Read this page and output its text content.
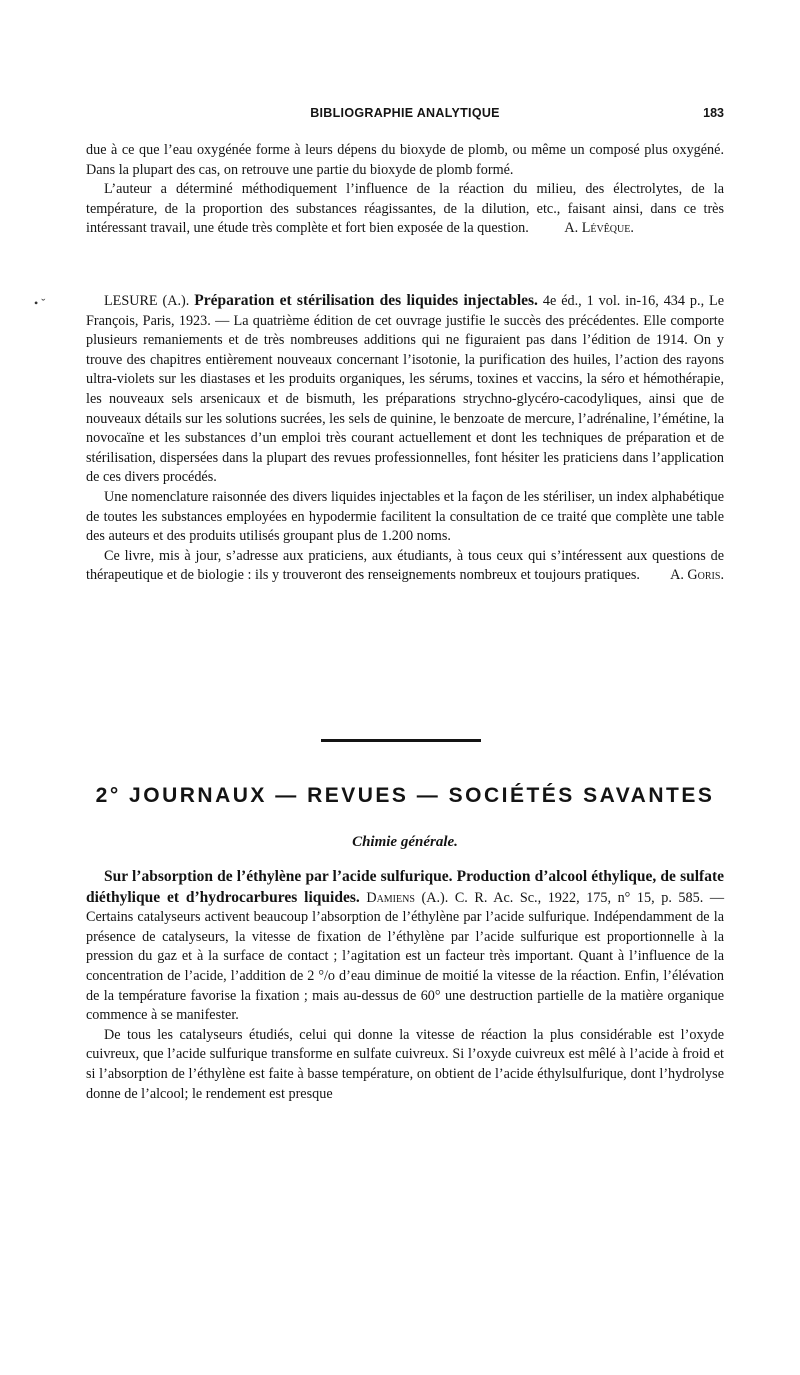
BIBLIOGRAPHIE ANALYTIQUE	183

due à ce que l’eau oxygénée forme à leurs dépens du bioxyde de plomb, ou même un composé plus oxygéné. Dans la plupart des cas, on retrouve une partie du bioxyde de plomb formé.

L’auteur a déterminé méthodiquement l’influence de la réaction du milieu, des électrolytes, de la température, de la proportion des substances réagissantes, de la dilution, etc., faisant ainsi, dans ce très intéressant travail, une étude très complète et fort bien exposée de la question.	A. Lévêque.

• ˇ	LESURE (A.). Préparation et stérilisation des liquides injectables. 4e éd., 1 vol. in-16, 434 p., Le François, Paris, 1923. — La quatrième édition de cet ouvrage justifie le succès des précédentes. Elle comporte plusieurs remaniements et de très nombreuses additions qui ne figuraient pas dans l’édition de 1914. On y trouve des chapitres entièrement nouveaux concernant l’isotonie, la purification des huiles, l’action des rayons ultra-violets sur les diastases et les produits organiques, les sérums, toxines et vaccins, la séro et hémothérapie, les nouveaux sels arsenicaux et de bismuth, les préparations strychno-glycéro-cacodyliques, ainsi que de nouveaux détails sur les solutions sucrées, les sels de quinine, le benzoate de mercure, l’adrénaline, l’émétine, la novocaïne et les substances d’un emploi très courant actuellement et dont les techniques de préparation et de stérilisation, dispersées dans la plupart des revues professionnelles, font hésiter les praticiens dans l’application de ces divers procédés.

Une nomenclature raisonnée des divers liquides injectables et la façon de les stériliser, un index alphabétique de toutes les substances employées en hypodermie facilitent la consultation de ce traité que complète une table des auteurs et des produits utilisés groupant plus de 1.200 noms.

Ce livre, mis à jour, s’adresse aux praticiens, aux étudiants, à tous ceux qui s’intéressent aux questions de thérapeutique et de biologie : ils y trouveront des renseignements nombreux et toujours pratiques.	A. Goris.

2° JOURNAUX — REVUES — SOCIÉTÉS SAVANTES
Chimie générale.

Sur l’absorption de l’éthylène par l’acide sulfurique. Production d’alcool éthylique, de sulfate diéthylique et d’hydrocarbures liquides. Damiens (A.). C. R. Ac. Sc., 1922, 175, n° 15, p. 585. — Certains catalyseurs activent beaucoup l’absorption de l’éthylène par l’acide sulfurique. Indépendamment de la présence de catalyseurs, la vitesse de fixation de l’éthylène par l’acide sulfurique est proportionnelle à la pression du gaz et à la surface de contact ; l’agitation est un facteur très important. Quant à l’influence de la concentration de l’acide, l’addition de 2 °/o d’eau diminue de moitié la vitesse de la réaction. Enfin, l’élévation de la température favorise la fixation ; mais au-dessus de 60° une destruction partielle de la matière organique commence à se manifester.

De tous les catalyseurs étudiés, celui qui donne la vitesse de réaction la plus considérable est l’oxyde cuivreux, que l’acide sulfurique transforme en sulfate cuivreux. Si l’oxyde cuivreux est mêlé à l’acide à froid et si l’absorption de l’éthylène est faite à basse température, on obtient de l’acide éthylsulfurique, dont l’hydrolyse donne de l’alcool; le rendement est presque
